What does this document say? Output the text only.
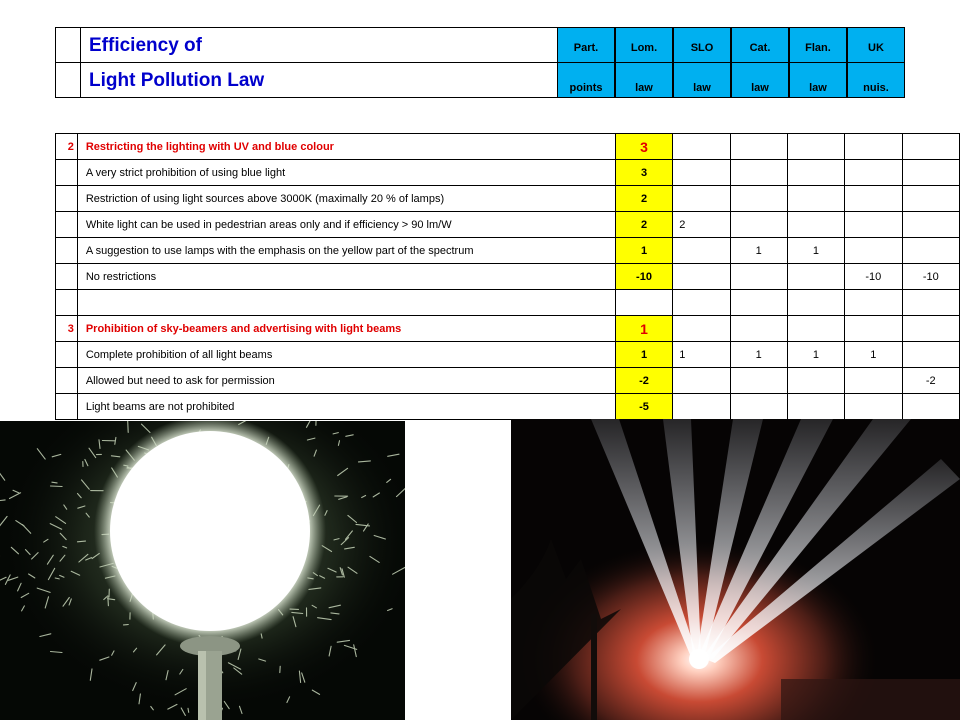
Efficiency of	Part.	Lom.	SLO	Cat.	Flan.	UK
Light Pollution Law	points	law	law	law	law	nuis.
2	Restricting the lighting with UV and blue colour	3					
	A very strict prohibition of using blue light	3					
	Restriction of using light sources above 3000K (maximally 20 % of lamps)	2					
	White light can be used in pedestrian areas only and if efficiency > 90 lm/W	2	2				
	A suggestion to use lamps with the emphasis on the yellow part of the spectrum	1		1	1		
	No restrictions	-10				-10	-10

3	Prohibition of sky-beamers and advertising with light beams	1					
	Complete prohibition of all light beams	1	1	1	1	1	
	Allowed but need to ask for permission	-2					-2
	Light beams are not prohibited	-5					
